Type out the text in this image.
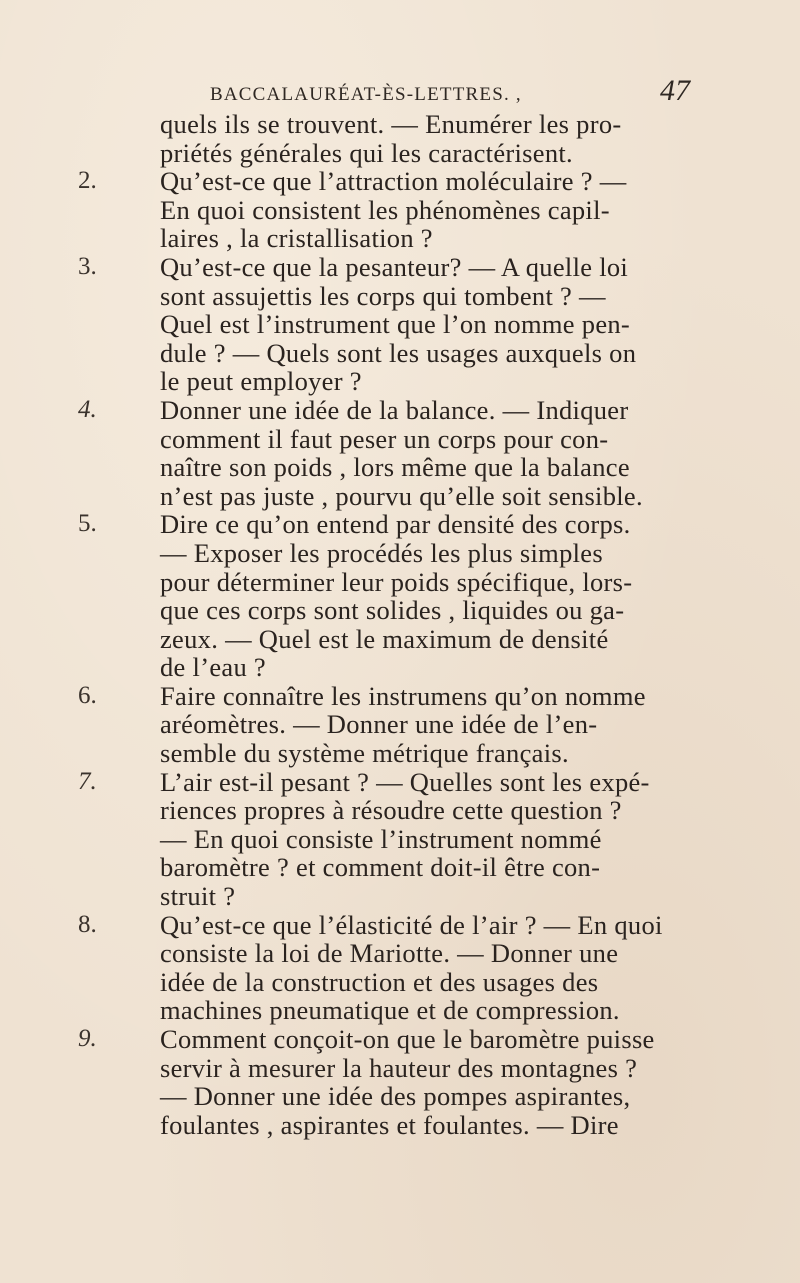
BACCALAURÉAT-ÈS-LETTRES. ,	47
quels ils se trouvent. — Enumérer les pro-
priétés générales qui les caractérisent.
2. Qu’est-ce que l’attraction moléculaire ? —
En quoi consistent les phénomènes capil-
laires , la cristallisation ?
3. Qu’est-ce que la pesanteur? — A quelle loi
sont assujettis les corps qui tombent ? —
Quel est l’instrument que l’on nomme pen-
dule ? — Quels sont les usages auxquels on
le peut employer ?
4. Donner une idée de la balance. — Indiquer
comment il faut peser un corps pour con-
naître son poids , lors même que la balance
n’est pas juste , pourvu qu’elle soit sensible.
5. Dire ce qu’on entend par densité des corps.
— Exposer les procédés les plus simples
pour déterminer leur poids spécifique, lors-
que ces corps sont solides , liquides ou ga-
zeux. — Quel est le maximum de densité
de l’eau ?
6. Faire connaître les instrumens qu’on nomme
aréomètres. — Donner une idée de l’en-
semble du système métrique français.
7. L’air est-il pesant ? — Quelles sont les expé-
riences propres à résoudre cette question ?
— En quoi consiste l’instrument nommé
baromètre ? et comment doit-il être con-
struit ?
8. Qu’est-ce que l’élasticité de l’air ? — En quoi
consiste la loi de Mariotte. — Donner une
idée de la construction et des usages des
machines pneumatique et de compression.
9. Comment conçoit-on que le baromètre puisse
servir à mesurer la hauteur des montagnes ?
— Donner une idée des pompes aspirantes,
foulantes , aspirantes et foulantes. — Dire
